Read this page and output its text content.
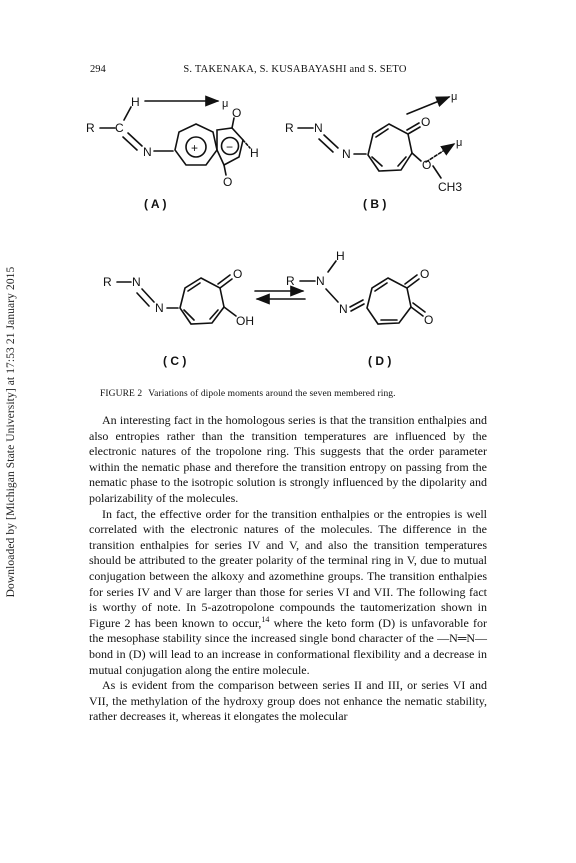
Downloaded by [Michigan State University] at 17:53 21 January 2015
294	S. TAKENAKA, S. KUSABAYASHI and S. SETO
R C
H
N	+ −
O
O
H
μ
R N
N
O
O
CH3
μ
μ
R N
N
O
OH
R N
H
N
O
O
( A )	( B )
( C )	( D )
FIGURE 2 Variations of dipole moments around the seven membered ring.

An interesting fact in the homologous series is that the transition enthalpies and also entropies rather than the transition temperatures are influenced by the electronic natures of the tropolone ring. This suggests that the order parameter within the nematic phase and therefore the transition entropy on passing from the nematic phase to the isotropic solution is strongly influenced by the dipolarity and polarizability of the molecules.

In fact, the effective order for the transition enthalpies or the entropies is well correlated with the electronic natures of the molecules. The difference in the transition enthalpies for series IV and V, and also the transition temperatures should be attributed to the greater polarity of the terminal ring in V, due to mutual conjugation between the alkoxy and azomethine groups. The transition enthalpies for series IV and V are larger than those for series VI and VII. The following fact is worthy of note. In 5-azotropolone compounds the tautomerization shown in Figure 2 has been known to occur,$^{14}$ where the keto form (D) is unfavorable for the mesophase stability since the increased single bond character of the —N═N— bond in (D) will lead to an increase in conformational flexibility and a decrease in mutual conjugation along the entire molecule.

As is evident from the comparison between series II and III, or series VI and VII, the methylation of the hydroxy group does not enhance the nematic stability, rather decreases it, whereas it elongates the molecular
